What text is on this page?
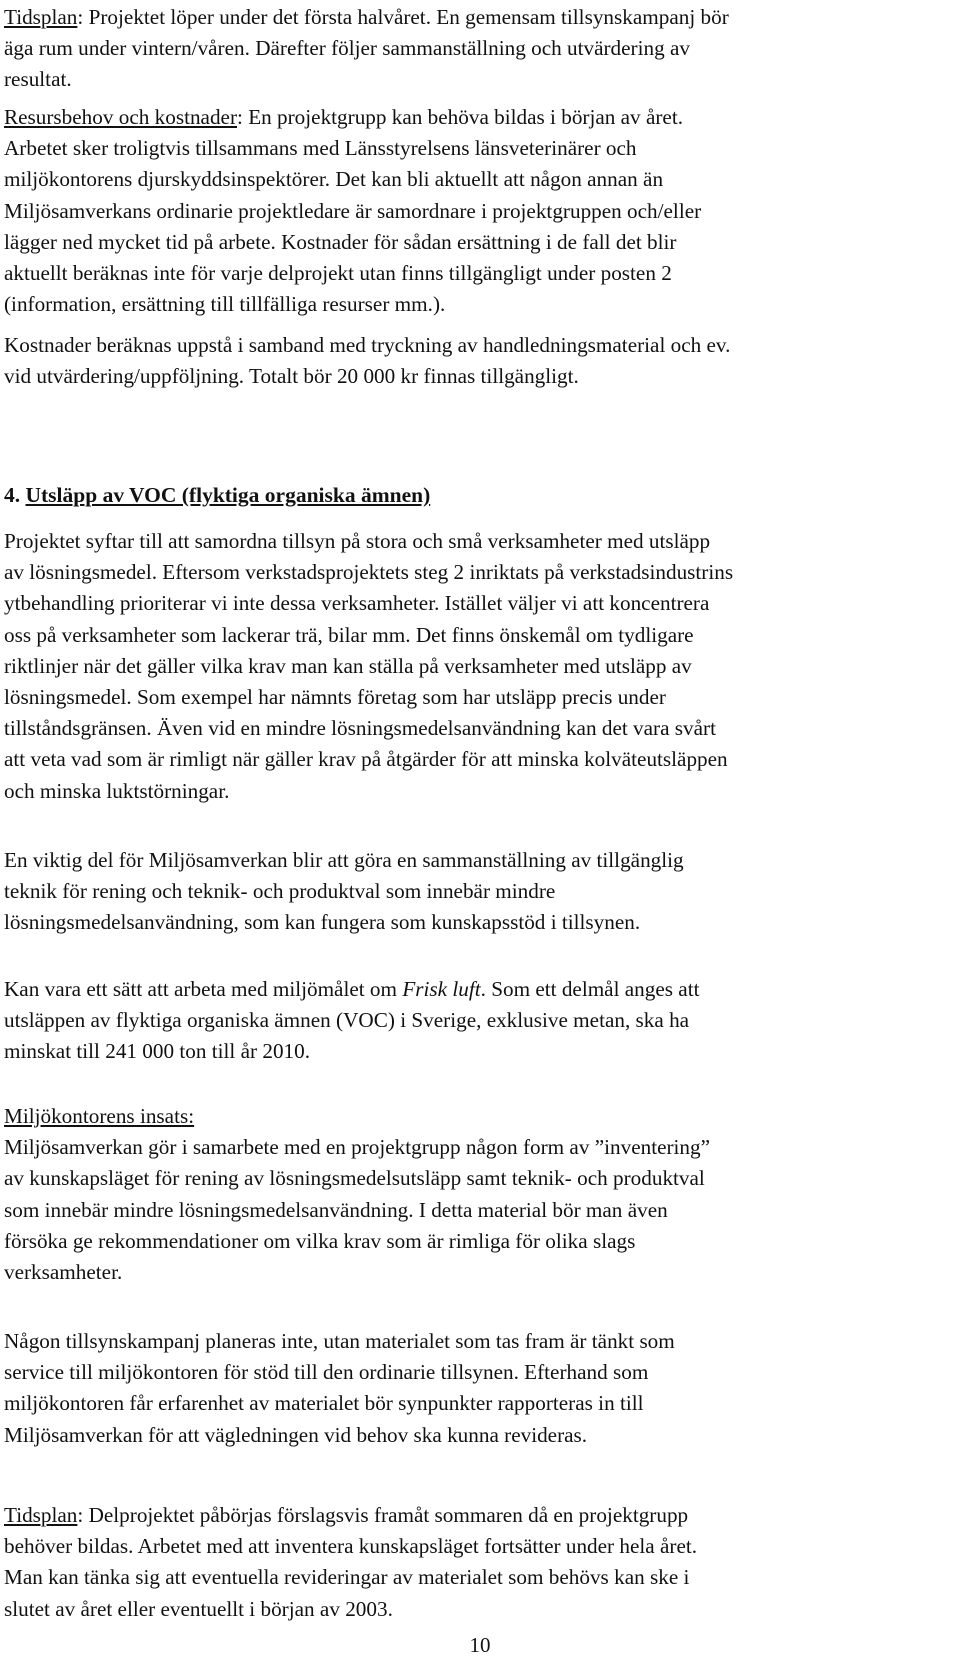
Tidsplan: Projektet löper under det första halvåret. En gemensam tillsynskampanj bör
äga rum under vintern/våren. Därefter följer sammanställning och utvärdering av
resultat.

Resursbehov och kostnader: En projektgrupp kan behöva bildas i början av året.
Arbetet sker troligtvis tillsammans med Länsstyrelsens länsveterinärer och
miljökontorens djurskyddsinspektörer. Det kan bli aktuellt att någon annan än
Miljösamverkans ordinarie projektledare är samordnare i projektgruppen och/eller
lägger ned mycket tid på arbete. Kostnader för sådan ersättning i de fall det blir
aktuellt beräknas inte för varje delprojekt utan finns tillgängligt under posten 2
(information, ersättning till tillfälliga resurser mm.).

Kostnader beräknas uppstå i samband med tryckning av handledningsmaterial och ev.
vid utvärdering/uppföljning. Totalt bör 20 000 kr finnas tillgängligt.

4. Utsläpp av VOC (flyktiga organiska ämnen)

Projektet syftar till att samordna tillsyn på stora och små verksamheter med utsläpp
av lösningsmedel. Eftersom verkstadsprojektets steg 2 inriktats på verkstadsindustrins
ytbehandling prioriterar vi inte dessa verksamheter. Istället väljer vi att koncentrera
oss på verksamheter som lackerar trä, bilar mm. Det finns önskemål om tydligare
riktlinjer när det gäller vilka krav man kan ställa på verksamheter med utsläpp av
lösningsmedel. Som exempel har nämnts företag som har utsläpp precis under
tillståndsgränsen. Även vid en mindre lösningsmedelsanvändning kan det vara svårt
att veta vad som är rimligt när gäller krav på åtgärder för att minska kolväteutsläppen
och minska luktstörningar.

En viktig del för Miljösamverkan blir att göra en sammanställning av tillgänglig
teknik för rening och teknik- och produktval som innebär mindre
lösningsmedelsanvändning, som kan fungera som kunskapsstöd i tillsynen.

Kan vara ett sätt att arbeta med miljömålet om Frisk luft. Som ett delmål anges att
utsläppen av flyktiga organiska ämnen (VOC) i Sverige, exklusive metan, ska ha
minskat till 241 000 ton till år 2010.

Miljökontorens insats:
Miljösamverkan gör i samarbete med en projektgrupp någon form av ”inventering”
av kunskapsläget för rening av lösningsmedelsutsläpp samt teknik- och produktval
som innebär mindre lösningsmedelsanvändning. I detta material bör man även
försöka ge rekommendationer om vilka krav som är rimliga för olika slags
verksamheter.

Någon tillsynskampanj planeras inte, utan materialet som tas fram är tänkt som
service till miljökontoren för stöd till den ordinarie tillsynen. Efterhand som
miljökontoren får erfarenhet av materialet bör synpunkter rapporteras in till
Miljösamverkan för att vägledningen vid behov ska kunna revideras.

Tidsplan: Delprojektet påbörjas förslagsvis framåt sommaren då en projektgrupp
behöver bildas. Arbetet med att inventera kunskapsläget fortsätter under hela året.
Man kan tänka sig att eventuella revideringar av materialet som behövs kan ske i
slutet av året eller eventuellt i början av 2003.

10
